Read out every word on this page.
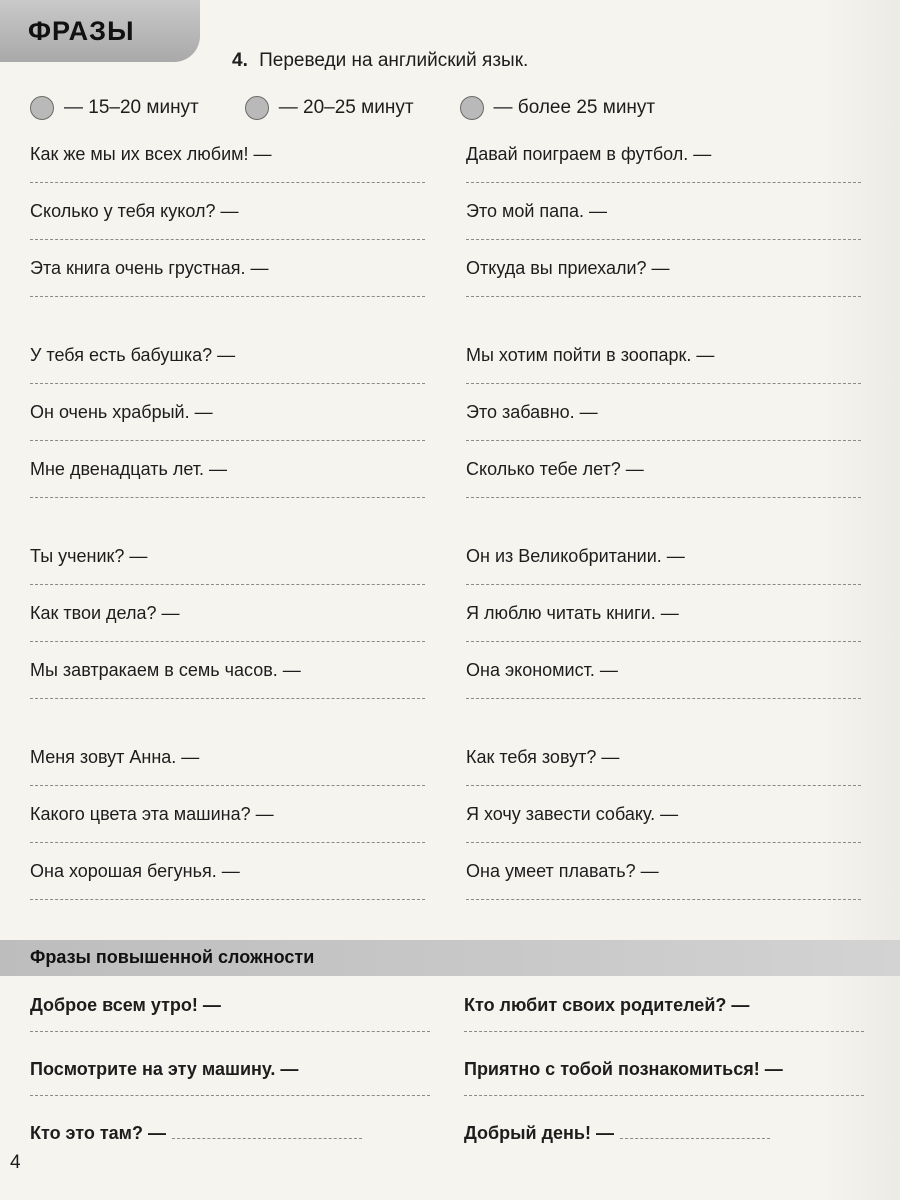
ФРАЗЫ
4. Переведи на английский язык.
— 15–20 минут	— 20–25 минут	— более 25 минут
Как же мы их всех любим! —
Сколько у тебя кукол? —
Эта книга очень грустная. —
У тебя есть бабушка? —
Он очень храбрый. —
Мне двенадцать лет. —
Ты ученик? —
Как твои дела? —
Мы завтракаем в семь часов. —
Меня зовут Анна. —
Какого цвета эта машина? —
Она хорошая бегунья. —
Давай поиграем в футбол. —
Это мой папа. —
Откуда вы приехали? —
Мы хотим пойти в зоопарк. —
Это забавно. —
Сколько тебе лет? —
Он из Великобритании. —
Я люблю читать книги. —
Она экономист. —
Как тебя зовут? —
Я хочу завести собаку. —
Она умеет плавать? —
Фразы повышенной сложности
Доброе всем утро! —
Посмотрите на эту машину. —
Кто это там? —
Кто любит своих родителей? —
Приятно с тобой познакомиться! —
Добрый день! —
4
